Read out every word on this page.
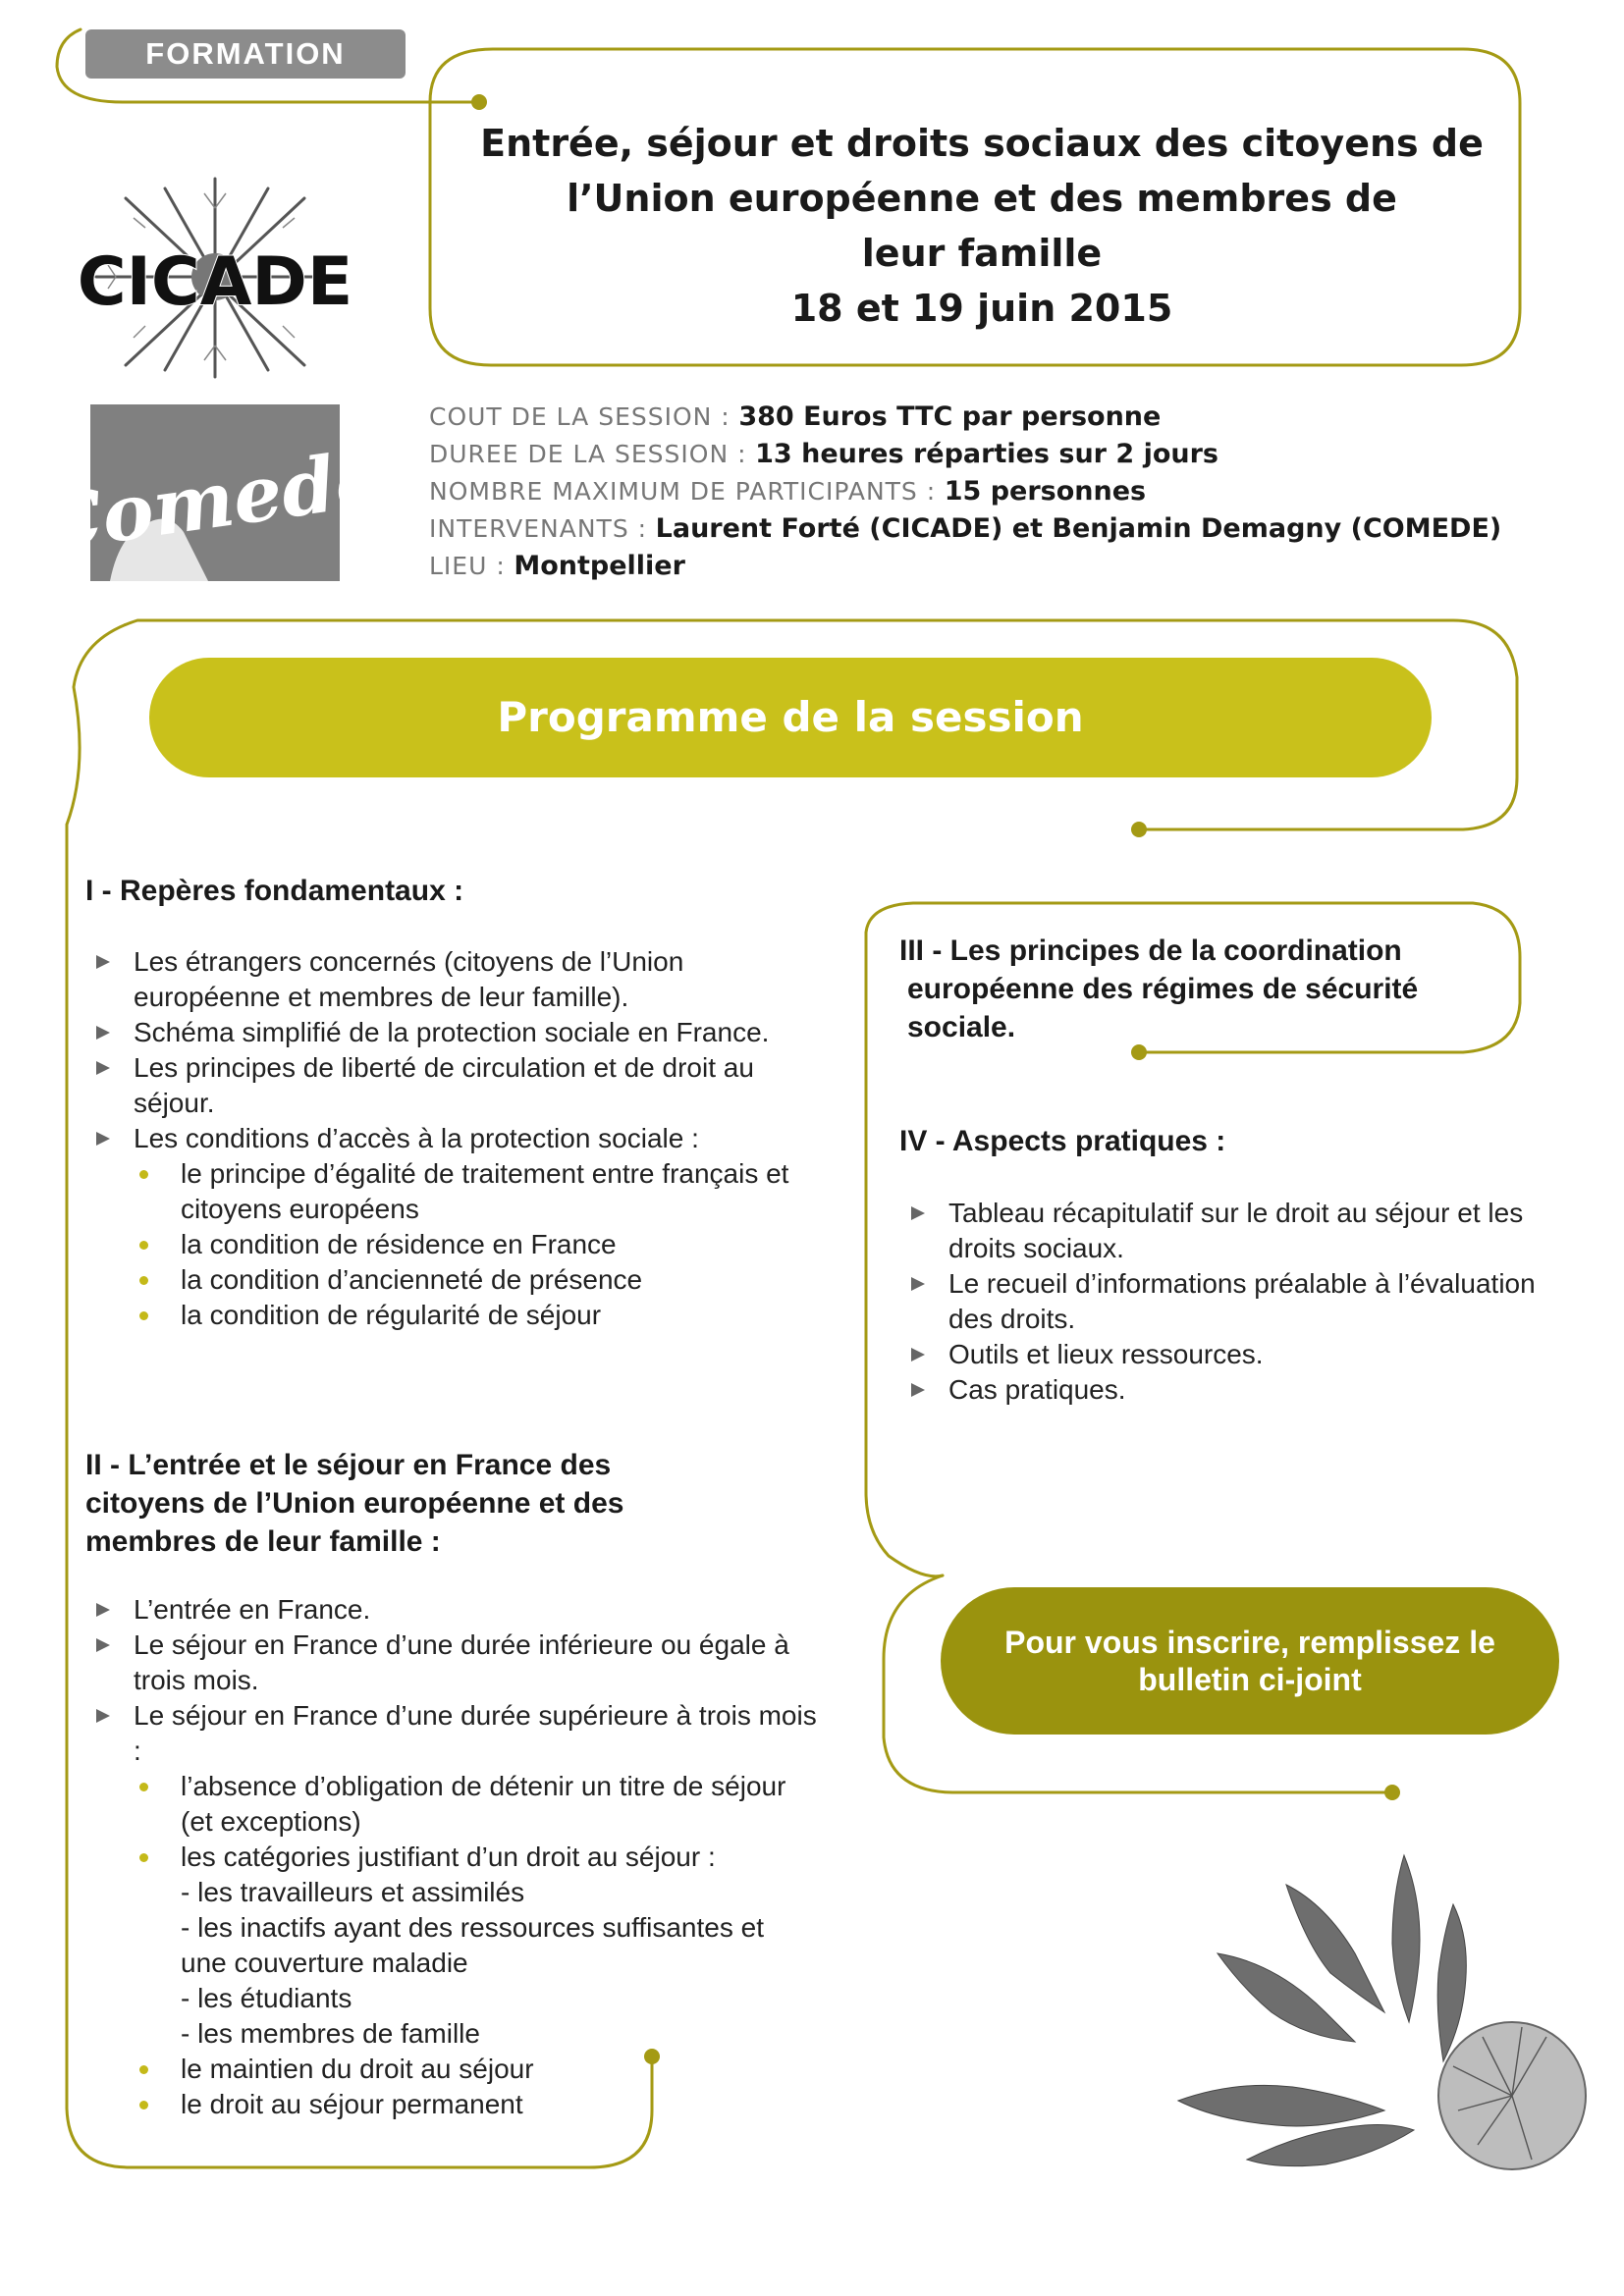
FORMATION
CICADE
Comede
Entrée, séjour et droits sociaux des citoyens de
l’Union européenne et des membres de
leur famille
18 et 19 juin 2015
COUT DE LA SESSION : 380 Euros TTC par personne
DUREE DE LA SESSION : 13 heures réparties sur 2 jours
NOMBRE MAXIMUM DE PARTICIPANTS : 15 personnes
INTERVENANTS : Laurent Forté (CICADE) et Benjamin Demagny (COMEDE)
LIEU : Montpellier
Programme de la session
I - Repères fondamentaux :
Les étrangers concernés (citoyens de l’Union européenne et membres de leur famille).
Schéma simplifié de la protection sociale en France.
Les principes de liberté de circulation et de droit au séjour.
Les conditions d’accès à la protection sociale :
le principe d’égalité de traitement entre français et citoyens européens
la condition de résidence en France
la condition d’ancienneté de présence
la condition de régularité de séjour
II - L’entrée et le séjour en France des
citoyens de l’Union européenne et des
membres de leur famille :
L’entrée en France.
Le séjour en France d’une durée inférieure ou égale à trois mois.
Le séjour en France d’une durée supérieure à trois mois :
l’absence d’obligation de détenir un titre de séjour (et exceptions)
les catégories justifiant d’un droit au séjour :
- les travailleurs et assimilés
- les inactifs ayant des ressources suffisantes et une couverture maladie
- les étudiants
- les membres de famille
le maintien du droit au séjour
le droit au séjour permanent
III - Les principes de la coordination
européenne des régimes de sécurité
sociale.
IV - Aspects pratiques :
Tableau récapitulatif sur le droit au séjour et les droits sociaux.
Le recueil d’informations préalable à l’évaluation des droits.
Outils et lieux ressources.
Cas pratiques.
Pour vous inscrire, remplissez le
bulletin ci-joint
